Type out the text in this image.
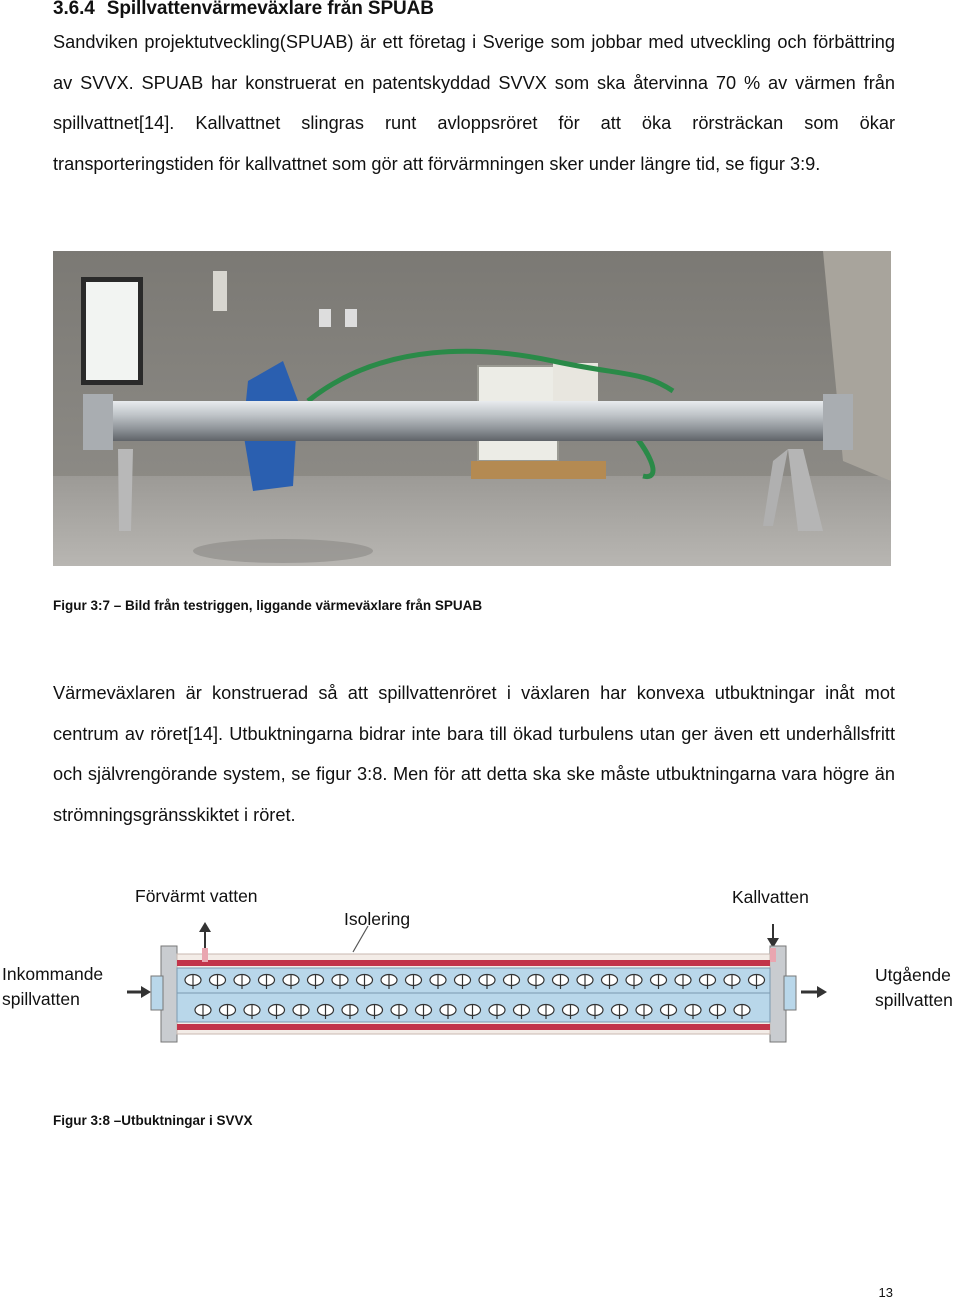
3.6.4 Spillvattenvärmeväxlare från SPUAB

Sandviken projektutveckling(SPUAB) är ett företag i Sverige som jobbar med utveckling och förbättring av SVVX. SPUAB har konstruerat en patentskyddad SVVX som ska återvinna 70 % av värmen från spillvattnet[14]. Kallvattnet slingras runt avloppsröret för att öka rörsträckan som ökar transporteringstiden för kallvattnet som gör att förvärmningen sker under längre tid, se figur 3:9.

Figur 3:7 – Bild från testriggen, liggande värmeväxlare från SPUAB

Värmeväxlaren är konstruerad så att spillvattenröret i växlaren har konvexa utbuktningar inåt mot centrum av röret[14]. Utbuktningarna bidrar inte bara till ökad turbulens utan ger även ett underhållsfritt och självrengörande system, se figur 3:8. Men för att detta ska ske måste utbuktningarna vara högre än strömningsgränsskiktet i röret.

Förvärmt vatten
Isolering
Kallvatten
Inkommande
spillvatten
Utgående
spillvatten
Figur 3:8 –Utbuktningar i SVVX
13
